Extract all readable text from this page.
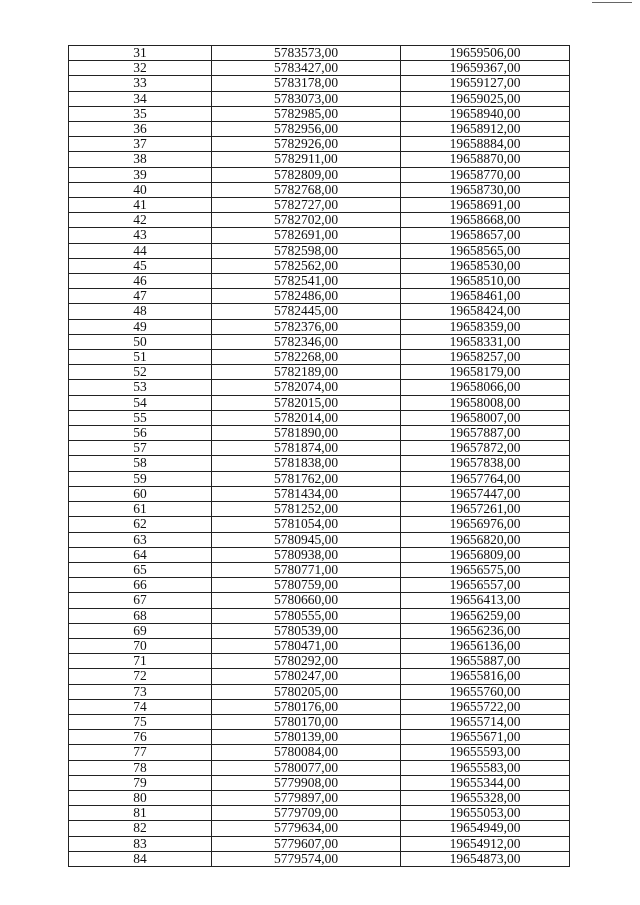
31	5783573,00	19659506,00
32	5783427,00	19659367,00
33	5783178,00	19659127,00
34	5783073,00	19659025,00
35	5782985,00	19658940,00
36	5782956,00	19658912,00
37	5782926,00	19658884,00
38	5782911,00	19658870,00
39	5782809,00	19658770,00
40	5782768,00	19658730,00
41	5782727,00	19658691,00
42	5782702,00	19658668,00
43	5782691,00	19658657,00
44	5782598,00	19658565,00
45	5782562,00	19658530,00
46	5782541,00	19658510,00
47	5782486,00	19658461,00
48	5782445,00	19658424,00
49	5782376,00	19658359,00
50	5782346,00	19658331,00
51	5782268,00	19658257,00
52	5782189,00	19658179,00
53	5782074,00	19658066,00
54	5782015,00	19658008,00
55	5782014,00	19658007,00
56	5781890,00	19657887,00
57	5781874,00	19657872,00
58	5781838,00	19657838,00
59	5781762,00	19657764,00
60	5781434,00	19657447,00
61	5781252,00	19657261,00
62	5781054,00	19656976,00
63	5780945,00	19656820,00
64	5780938,00	19656809,00
65	5780771,00	19656575,00
66	5780759,00	19656557,00
67	5780660,00	19656413,00
68	5780555,00	19656259,00
69	5780539,00	19656236,00
70	5780471,00	19656136,00
71	5780292,00	19655887,00
72	5780247,00	19655816,00
73	5780205,00	19655760,00
74	5780176,00	19655722,00
75	5780170,00	19655714,00
76	5780139,00	19655671,00
77	5780084,00	19655593,00
78	5780077,00	19655583,00
79	5779908,00	19655344,00
80	5779897,00	19655328,00
81	5779709,00	19655053,00
82	5779634,00	19654949,00
83	5779607,00	19654912,00
84	5779574,00	19654873,00
